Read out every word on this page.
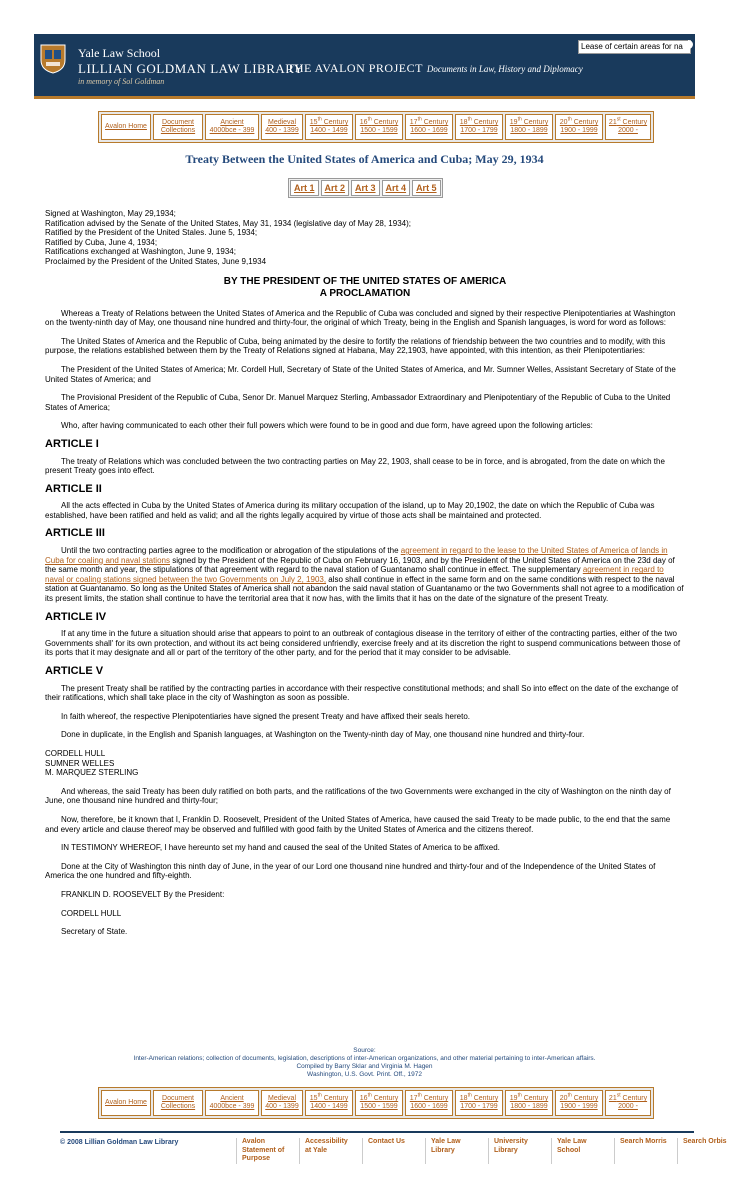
Yale Law School
LILLIAN GOLDMAN LAW LIBRARY
in memory of Sol Goldman
THE AVALON PROJECT Documents in Law, History and Diplomacy
Lease of certain areas for na
Avalon Home
Document
Collections
Ancient
4000bce - 399
Medieval
400 - 1399
15th Century
1400 - 1499
16th Century
1500 - 1599
17th Century
1600 - 1699
18th Century
1700 - 1799
19th Century
1800 - 1899
20th Century
1900 - 1999
21st Century
2000 -
Treaty Between the United States of America and Cuba; May 29, 1934
Art 1	Art 2	Art 3	Art 4	Art 5
Signed at Washington, May 29,1934;
Ratification advised by the Senate of the United States, May 31, 1934 (legislative day of May 28, 1934);
Ratified by the President of the United Stales. June 5, 1934;
Ratified by Cuba, June 4, 1934;
Ratifications exchanged at Washington, June 9, 1934;
Proclaimed by the President of the United States, June 9,1934
BY THE PRESIDENT OF THE UNITED STATES OF AMERICA
A PROCLAMATION

Whereas a Treaty of Relations between the United States of America and the Republic of Cuba was concluded and signed by their respective Plenipotentiaries at Washington on the twenty-ninth day of May, one thousand nine hundred and thirty-four, the original of which Treaty, being in the English and Spanish languages, is word for word as follows:

The United States of America and the Republic of Cuba, being animated by the desire to fortify the relations of friendship between the two countries and to modify, with this purpose, the relations established between them by the Treaty of Relations signed at Habana, May 22,1903, have appointed, with this intention, as their Plenipotentiaries:

The President of the United States of America; Mr. Cordell Hull, Secretary of State of the United States of America, and Mr. Sumner Welles, Assistant Secretary of State of the United States of America; and

The Provisional President of the Republic of Cuba, Senor Dr. Manuel Marquez Sterling, Ambassador Extraordinary and Plenipotentiary of the Republic of Cuba to the United States of America;

Who, after having communicated to each other their full powers which were found to be in good and due form, have agreed upon the following articles:

ARTICLE I

The treaty of Relations which was concluded between the two contracting parties on May 22, 1903, shall cease to be in force, and is abrogated, from the date on which the present Treaty goes into effect.

ARTICLE II

All the acts effected in Cuba by the United States of America during its military occupation of the island, up to May 20,1902, the date on which the Republic of Cuba was established, have been ratified and held as valid; and all the rights legally acquired by virtue of those acts shall be maintained and protected.

ARTICLE III

Until the two contracting parties agree to the modification or abrogation of the stipulations of the agreement in regard to the lease to the United States of America of lands in Cuba for coaling and naval stations signed by the President of the Republic of Cuba on February 16, 1903, and by the President of the United States of America on the 23d day of the same month and year, the stipulations of that agreement with regard to the naval station of Guantanamo shall continue in effect. The supplementary agreement in regard to naval or coaling stations signed between the two Governments on July 2, 1903, also shall continue in effect in the same form and on the same conditions with respect to the naval station at Guantanamo. So long as the United States of America shall not abandon the said naval station of Guantanamo or the two Governments shall not agree to a modification of its present limits, the station shall continue to have the territorial area that it now has, with the limits that it has on the date of the signature of the present Treaty.

ARTICLE IV

If at any time in the future a situation should arise that appears to point to an outbreak of contagious disease in the territory of either of the contracting parties, either of the two Governments shall' for its own protection, and without its act being considered unfriendly, exercise freely and at its discretion the right to suspend communications between those of its ports that it may designate and all or part of the territory of the other party, and for the period that it may consider to be advisable.

ARTICLE V

The present Treaty shall be ratified by the contracting parties in accordance with their respective constitutional methods; and shall So into effect on the date of the exchange of their ratifications, which shall take place in the city of Washington as soon as possible.

In faith whereof, the respective Plenipotentiaries have signed the present Treaty and have affixed their seals hereto.

Done in duplicate, in the English and Spanish languages, at Washington on the Twenty-ninth day of May, one thousand nine hundred and thirty-four.

CORDELL HULL
SUMNER WELLES
M. MARQUEZ STERLING

And whereas, the said Treaty has been duly ratified on both parts, and the ratifications of the two Governments were exchanged in the city of Washington on the ninth day of June, one thousand nine hundred and thirty-four;

Now, therefore, be it known that I, Franklin D. Roosevelt, President of the United States of America, have caused the said Treaty to be made public, to the end that the same and every article and clause thereof may be observed and fulfilled with good faith by the United States of America and the citizens thereof.

IN TESTIMONY WHEREOF, I have hereunto set my hand and caused the seal of the United States of America to be affixed.

Done at the City of Washington this ninth day of June, in the year of our Lord one thousand nine hundred and thirty-four and of the Independence of the United States of America the one hundred and fifty-eighth.

FRANKLIN D. ROOSEVELT By the President:

CORDELL HULL

Secretary of State.

Source:
Inter-American relations; collection of documents, legislation, descriptions of inter-American organizations, and other material pertaining to inter-American affairs.
Compiled by Barry Sklar and Virginia M. Hagen
Washington, U.S. Govt. Print. Off., 1972
Avalon Home
Document
Collections
Ancient
4000bce - 399
Medieval
400 - 1399
15th Century
1400 - 1499
16th Century
1500 - 1599
17th Century
1600 - 1699
18th Century
1700 - 1799
19th Century
1800 - 1899
20th Century
1900 - 1999
21st Century
2000 -
© 2008 Lillian Goldman Law Library	Avalon
Statement of
Purpose
Accessibility
at Yale
Contact Us	Yale Law
Library
University
Library
Yale Law
School
Search Morris	Search Orbis
